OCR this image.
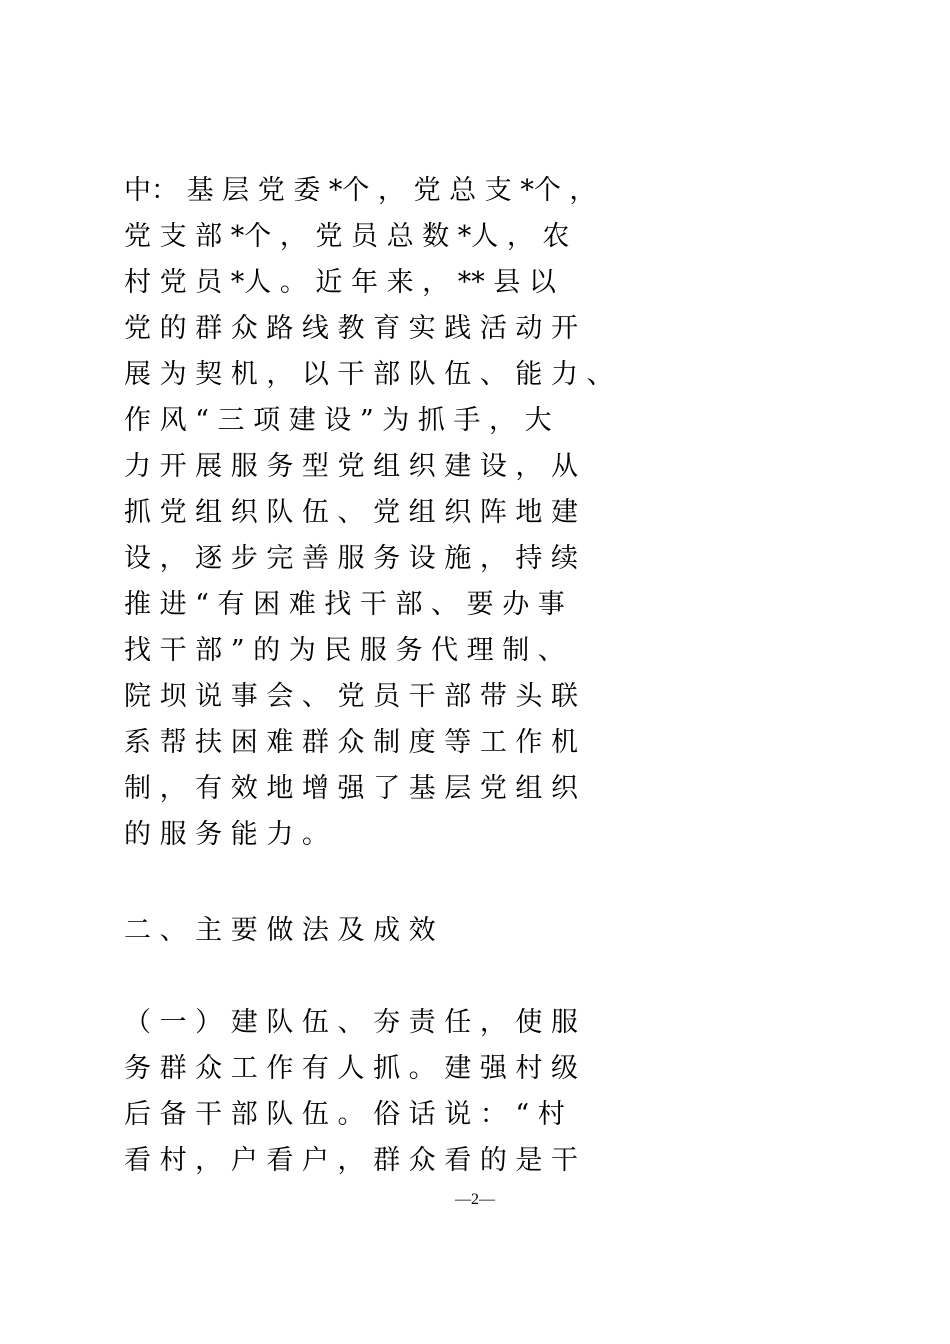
中： 基 层 党 委 *个 ， 党 总 支 *个 ，
党 支 部 *个 ， 党 员 总 数 *人 ， 农
村 党 员 *人 。 近 年 来 ， ** 县 以
党 的 群 众 路 线 教 育 实 践 活 动 开
展 为 契 机 ， 以 干 部 队 伍 、 能 力 、
作 风 “ 三 项 建 设 ” 为 抓 手 ， 大
力 开 展 服 务 型 党 组 织 建 设 ， 从
抓 党 组 织 队 伍 、 党 组 织 阵 地 建
设 ， 逐 步 完 善 服 务 设 施 ， 持 续
推 进 “ 有 困 难 找 干 部 、 要 办 事
找 干 部 ” 的 为 民 服 务 代 理 制 、
院 坝 说 事 会 、 党 员 干 部 带 头 联
系 帮 扶 困 难 群 众 制 度 等 工 作 机
制 ， 有 效 地 增 强 了 基 层 党 组 织
的 服 务 能 力 。
二 、 主 要 做 法 及 成 效
（ 一 ） 建 队 伍 、 夯 责 任 ， 使 服
务 群 众 工 作 有 人 抓 。 建 强 村 级
后 备 干 部 队 伍 。 俗 话 说 ： “ 村
看 村 ， 户 看 户 ， 群 众 看 的 是 干
—2—
